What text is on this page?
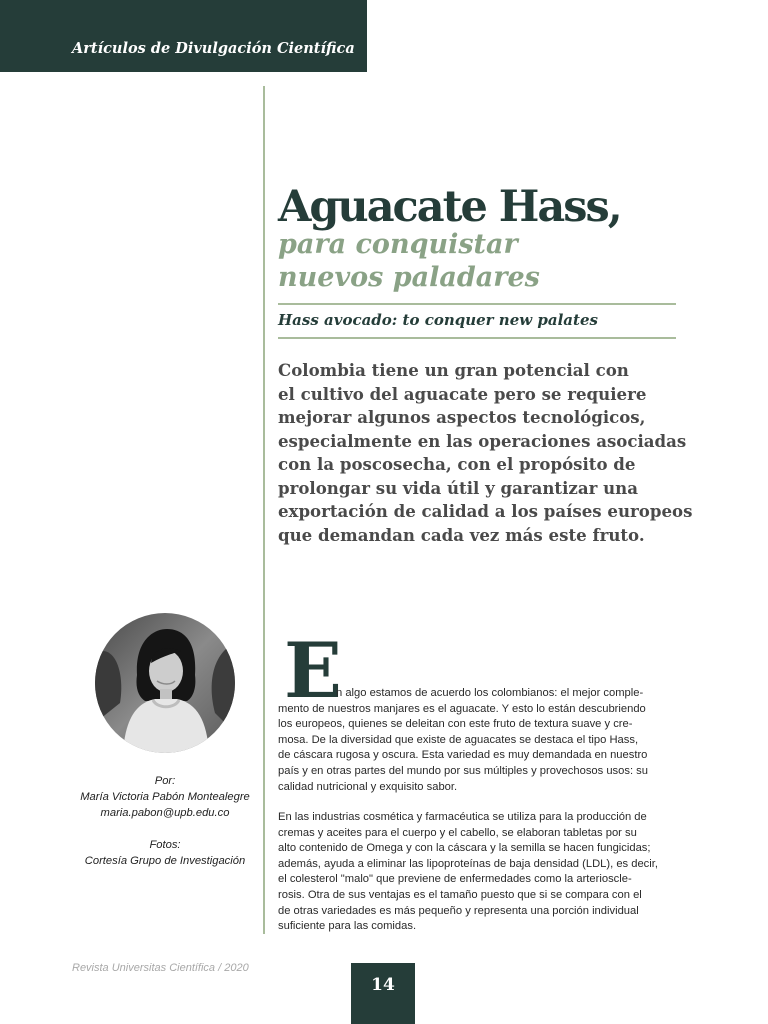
Artículos de Divulgación Científica
Aguacate Hass,
para conquistar
nuevos paladares
Hass avocado: to conquer new palates
Colombia tiene un gran potencial con
el cultivo del aguacate pero se requiere
mejorar algunos aspectos tecnológicos,
especialmente en las operaciones asociadas
con la poscosecha, con el propósito de
prolongar su vida útil y garantizar una
exportación de calidad a los países europeos
que demandan cada vez más este fruto.
Por:
María Victoria Pabón Montealegre
maria.pabon@upb.edu.co
Fotos:
Cortesía Grupo de Investigación
E
n algo estamos de acuerdo los colombianos: el mejor comple-
mento de nuestros manjares es el aguacate. Y esto lo están descubriendo
los europeos, quienes se deleitan con este fruto de textura suave y cre-
mosa. De la diversidad que existe de aguacates se destaca el tipo Hass,
de cáscara rugosa y oscura. Esta variedad es muy demandada en nuestro
país y en otras partes del mundo por sus múltiples y provechosos usos: su
calidad nutricional y exquisito sabor.
En las industrias cosmética y farmacéutica se utiliza para la producción de
cremas y aceites para el cuerpo y el cabello, se elaboran tabletas por su
alto contenido de Omega y con la cáscara y la semilla se hacen fungicidas;
además, ayuda a eliminar las lipoproteínas de baja densidad (LDL), es decir,
el colesterol "malo" que previene de enfermedades como la arterioscle-
rosis. Otra de sus ventajas es el tamaño puesto que si se compara con el
de otras variedades es más pequeño y representa una porción individual
suficiente para las comidas.
Revista Universitas Científica / 2020
14
